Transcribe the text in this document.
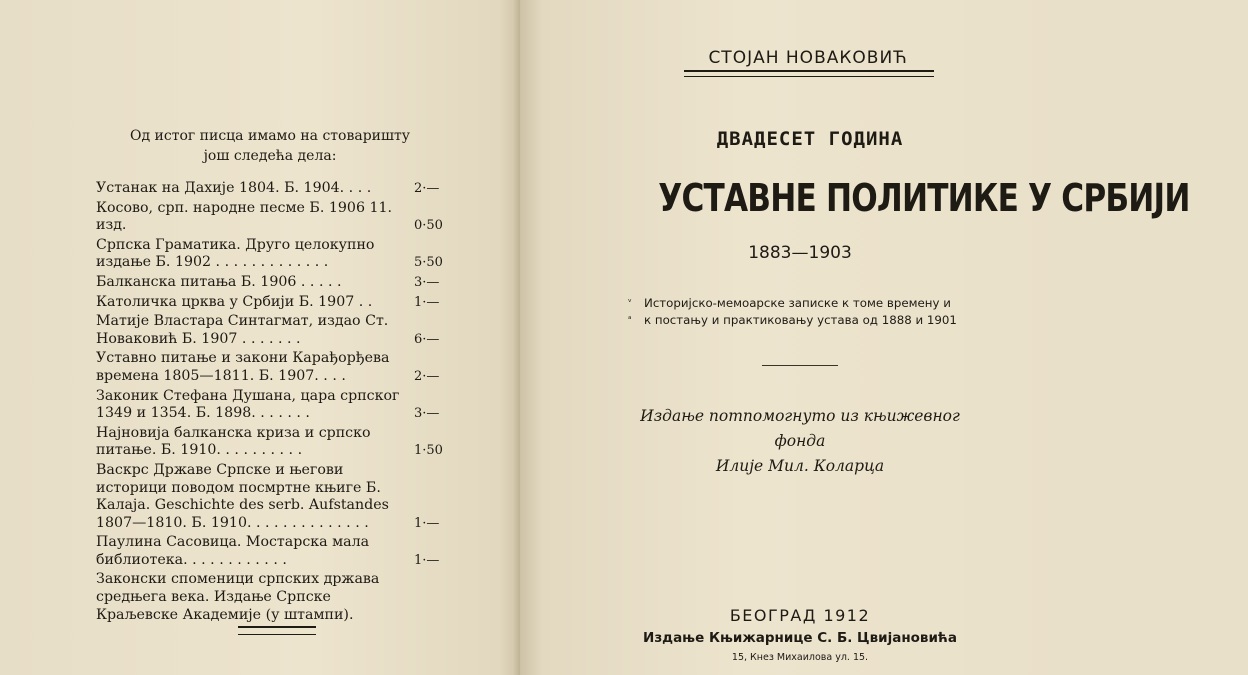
Од истог писца имамо на стоваришту
још следећа дела:
Устанак на Дахије 1804. Б. 1904. . . .	2·—
Косово, срп. народне песме Б. 1906 11. изд.	0·50
Српска Граматика. Друго целокупно издање Б. 1902 . . . . . . . . . . . . .	5·50
Балканска питања Б. 1906 . . . . .	3·—
Католичка црква у Србији Б. 1907 . .	1·—
Матије Властара Синтагмат, издао Ст. Новаковић Б. 1907 . . . . . . .	6·—
Уставно питање и закони Карађорђева времена 1805—1811. Б. 1907. . . .	2·—
Законик Стефана Душана, цара српског 1349 и 1354. Б. 1898. . . . . . .	3·—
Најновија балканска криза и српско питање. Б. 1910. . . . . . . . . .	1·50
Васкрс Државе Српске и његови историци поводом посмртне књиге Б. Калаја. Geschichte des serb. Aufstandes 1807—1810. Б. 1910. . . . . . . . . . . . . .	1·—
Паулина Сасовица. Мостарска мала библиотека. . . . . . . . . . . .	1·—
Законски споменици српских држава средњега века. Издање Српске Краљевске Академије (у штампи).
СТОЈАН НОВАКОВИЋ
ДВАДЕСЕТ ГОДИНА
УСТАВНЕ ПОЛИТИКЕ У СРБИЈИ
1883—1903
ᵛ Историјско-мемоарске записке к томе времену и
ᵃ к постању и практиковању устава од 1888 и 1901
Издање потпомогнуто из књижевног фонда
Илије Мил. Коларца
БЕОГРАД 1912
Издање Књижарнице С. Б. Цвијановића
15, Кнез Михаилова ул. 15.
